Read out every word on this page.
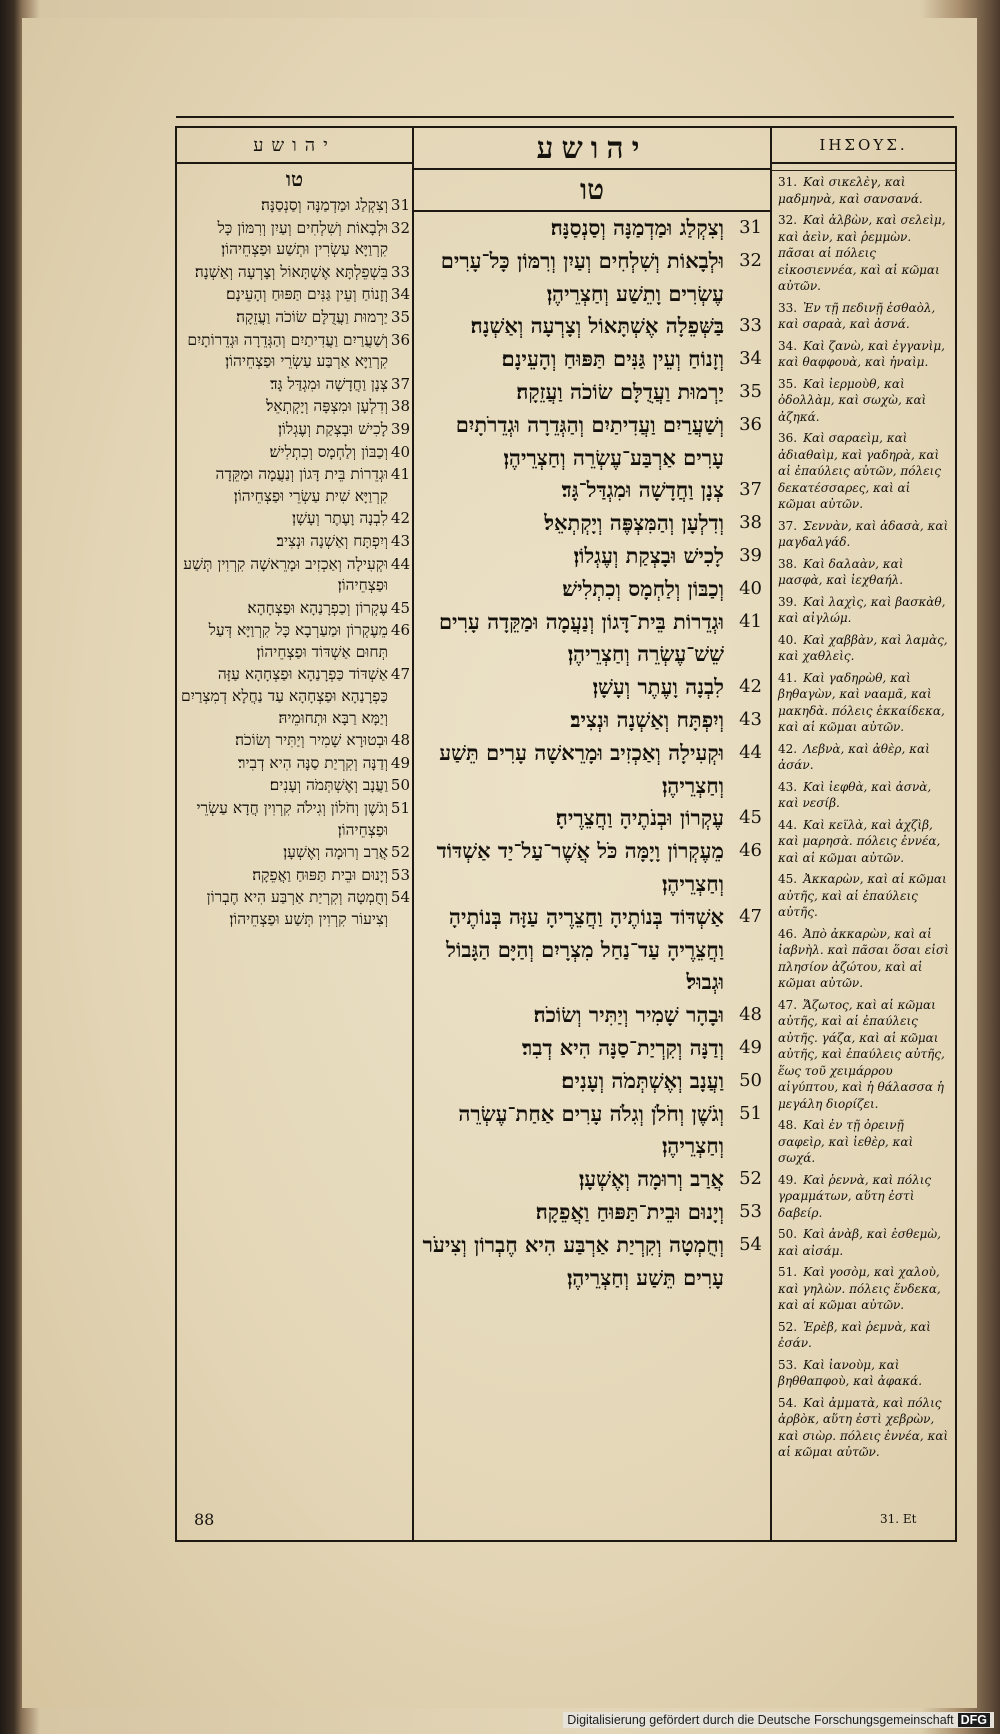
יהושע
טו
31
וְצִקְלַג וּמַדְמַנָּה וְסַנְסַנָּה׃
32
וּלְבָאוֹת וְשִׁלְחִים וְעַיִן וְרִמּוֹן כָּל קִרְוַיָּא עַשְׂרִין וּתְשַׁע וּפַצְחֵיהוֹן׃
33
בִּשְׁפֵלְתָּא אֶשְׁתָּאוֹל וְצָרְעָה וְאַשְׁנָה׃
34
וְזָנוֹחַ וְעֵין גַּנִּים תַּפּוּחַ וְהָעֵינָם׃
35
יַרְמוּת וַעֲדֻלָּם שׂוֹכֹה וַעֲזֵקָה׃
36
וְשַׁעֲרַיִם וַעֲדִיתַיִם וְהַגְּדֵרָה וּגְדֵרוֹתָיִם קִרְוַיָּא אַרְבַּע עַשְׂרֵי וּפַצְחֵיהוֹן׃
37
צְנָן וַחֲדָשָׁה וּמִגְדַּל גָּד׃
38
וְדִלְעָן וּמִצְפָּה וְיָקְתְאֵל׃
39
לָכִישׁ וּבָצְקַת וְעֶגְלוֹן׃
40
וְכַבּוֹן וְלַחְמָס וְכִתְלִישׁ׃
41
וּגְדֵרוֹת בֵּית דָּגוֹן וְנַעֲמָה וּמַקֵּדָה קִרְוַיָּא שִׁית עַשְׂרֵי וּפַצְחֵיהוֹן׃
42
לִבְנָה וָעֶתֶר וְעָשָׁן׃
43
וְיִפְתָּח וְאַשְׁנָה וּנְצִיב׃
44
וּקְעִילָה וְאַכְזִיב וּמָרֵאשָׁה קִרְוִין תְּשַׁע וּפַצְחֵיהוֹן׃
45
עֶקְרוֹן וְכַפְרָנַהָא וּפַצְחָהָא׃
46
מֵעֶקְרוֹן וּמַעַרְבָא כָּל קִרְוַיָּא דְּעַל תְּחוּם אַשְׁדּוֹד וּפַצְחֵיהוֹן׃
47
אַשְׁדּוֹד כַּפְרָנַהָא וּפַצְחָהָא עַזָּה כַּפְרָנַהָא וּפַצְחָהָא עַד נַחֲלָא דְמִצְרַיִם וְיַמָּא רַבָּא וּתְחוּמֵיהּ׃
48
וּבְטוּרָא שָׁמִיר וְיַתִּיר וְשׂוֹכֹה׃
49
וְדַנָּה וְקִרְיַת סַנָּה הִיא דְבִיר׃
50
וַעֲנָב וְאֶשְׁתְּמֹה וְעָנִים׃
51
וְגֹשֶׁן וְחֹלוֹן וְגִילֹה קִרְוִין חֲדָא עַשְׂרֵי וּפַצְחֵיהוֹן׃
52
אֲרַב וְרוּמָה וְאֶשְׁעָן׃
53
וְיָנוּם וּבֵית תַּפּוּחַ וַאֲפֵקָה׃
54
וְחֻמְטָה וְקִרְיַת אַרְבַּע הִיא חֶבְרוֹן וְצִיעוֹר קִרְוִין תְּשַׁע וּפַצְחֵיהוֹן׃
יהושע
טו
31
וְצִקְלַג וּמַדְמַנָּה וְסַנְסַנָּה׃
32
וּלְבָאוֹת וְשִׁלְחִים וְעַיִן וְרִמּוֹן כָּל־עָרִים עֶשְׂרִים וָתֵשַׁע וְחַצְרֵיהֶן׃
33
בַּשְּׁפֵלָה אֶשְׁתָּאוֹל וְצָרְעָה וְאַשְׁנָה׃
34
וְזָנוֹחַ וְעֵין גַּנִּים תַּפּוּחַ וְהָעֵינָם׃
35
יַרְמוּת וַעֲדֻלָּם שׂוֹכֹה וַעֲזֵקָה׃
36
וְשַׁעֲרַיִם וַעֲדִיתַיִם וְהַגְּדֵרָה וּגְדֵרֹתָיִם עָרִים אַרְבַּע־עֶשְׂרֵה וְחַצְרֵיהֶן׃
37
צְנָן וַחֲדָשָׁה וּמִגְדַּל־גָּד׃
38
וְדִלְעָן וְהַמִּצְפֶּה וְיָקְתְאֵל׃
39
לָכִישׁ וּבָצְקַת וְעֶגְלוֹן׃
40
וְכַבּוֹן וְלַחְמָס וְכִתְלִישׁ׃
41
וּגְדֵרוֹת בֵּית־דָּגוֹן וְנַעֲמָה וּמַקֵּדָה עָרִים שֵׁשׁ־עֶשְׂרֵה וְחַצְרֵיהֶן׃
42
לִבְנָה וָעֶתֶר וְעָשָׁן׃
43
וְיִפְתָּח וְאַשְׁנָה וּנְצִיב׃
44
וּקְעִילָה וְאַכְזִיב וּמָרֵאשָׁה עָרִים תֵּשַׁע וְחַצְרֵיהֶן׃
45
עֶקְרוֹן וּבְנֹתֶיהָ וַחֲצֵרֶיהָ׃
46
מֵעֶקְרוֹן וָיָמָּה כֹּל אֲשֶׁר־עַל־יַד אַשְׁדּוֹד וְחַצְרֵיהֶן׃
47
אַשְׁדּוֹד בְּנוֹתֶיהָ וַחֲצֵרֶיהָ עַזָּה בְּנוֹתֶיהָ וַחֲצֵרֶיהָ עַד־נַחַל מִצְרָיִם וְהַיָּם הַגָּבוֹל וּגְבוּל׃
48
וּבָהָר שָׁמִיר וְיַתִּיר וְשׂוֹכֹה׃
49
וְדַנָּה וְקִרְיַת־סַנָּה הִיא דְבִר׃
50
וַעֲנָב וְאֶשְׁתְּמֹה וְעָנִים׃
51
וְגֹשֶׁן וְחֹלֹן וְגִלֹה עָרִים אַחַת־עֶשְׂרֵה וְחַצְרֵיהֶן׃
52
אֲרַב וְרוּמָה וְאֶשְׁעָן׃
53
וְיָנוּם וּבֵית־תַּפּוּחַ וַאֲפֵקָה׃
54
וְחֻמְטָה וְקִרְיַת אַרְבַּע הִיא חֶבְרוֹן וְצִיעֹר עָרִים תֵּשַׁע וְחַצְרֵיהֶן׃
ΙΗΣΟΥΣ.
31. Καὶ σικελὲγ, καὶ μαδμηνὰ, καὶ σανσανά.
32. Καὶ ἀλβὼν, καὶ σελεὶμ, καὶ ἀεὶν, καὶ ῥεμμὼν. πᾶσαι αἱ πόλεις εἰκοσιεννέα, καὶ αἱ κῶμαι αὐτῶν.
33. Ἐν τῇ πεδινῇ ἐσθαὸλ, καὶ σαραὰ, καὶ ἀσνά.
34. Καὶ ζανὼ, καὶ ἐγγανὶμ, καὶ θαφφουὰ, καὶ ἠναὶμ.
35. Καὶ ἰερμοὺθ, καὶ ὀδολλὰμ, καὶ σωχὼ, καὶ ἀζηκά.
36. Καὶ σαραεὶμ, καὶ ἀδιαθαὶμ, καὶ γαδηρὰ, καὶ αἱ ἐπαύλεις αὐτῶν, πόλεις δεκατέσσαρες, καὶ αἱ κῶμαι αὐτῶν.
37. Σεννὰν, καὶ ἀδασὰ, καὶ μαγδαλγάδ.
38. Καὶ δαλαὰν, καὶ μασφὰ, καὶ ἰεχθαήλ.
39. Καὶ λαχὶς, καὶ βασκὰθ, καὶ αἰγλώμ.
40. Καὶ χαββὰν, καὶ λαμὰς, καὶ χαθλεὶς.
41. Καὶ γαδηρὼθ, καὶ βηθαγὼν, καὶ νααμᾶ, καὶ μακηδὰ. πόλεις ἑκκαίδεκα, καὶ αἱ κῶμαι αὐτῶν.
42. Λεβνὰ, καὶ ἀθὲρ, καὶ ἀσάν.
43. Καὶ ἰεφθὰ, καὶ ἀσνὰ, καὶ νεσίβ.
44. Καὶ κεϊλὰ, καὶ ἀχζὶβ, καὶ μαρησὰ. πόλεις ἐννέα, καὶ αἱ κῶμαι αὐτῶν.
45. Ἀκκαρὼν, καὶ αἱ κῶμαι αὐτῆς, καὶ αἱ ἐπαύλεις αὐτῆς.
46. Ἀπὸ ἀκκαρὼν, καὶ αἱ ἰαβνὴλ. καὶ πᾶσαι ὅσαι εἰσὶ πλησίον ἀζώτου, καὶ αἱ κῶμαι αὐτῶν.
47. Ἄζωτος, καὶ αἱ κῶμαι αὐτῆς, καὶ αἱ ἐπαύλεις αὐτῆς. γάζα, καὶ αἱ κῶμαι αὐτῆς, καὶ ἐπαύλεις αὐτῆς, ἕως τοῦ χειμάρρου αἰγύπτου, καὶ ἡ θάλασσα ἡ μεγάλη διορίζει.
48. Καὶ ἐν τῇ ὀρεινῇ σαφεὶρ, καὶ ἰεθὲρ, καὶ σωχά.
49. Καὶ ῥεννὰ, καὶ πόλις γραμμάτων, αὕτη ἐστὶ δαβείρ.
50. Καὶ ἀνὰβ, καὶ ἐσθεμὼ, καὶ αἰσάμ.
51. Καὶ γοσὸμ, καὶ χαλοὺ, καὶ γηλὼν. πόλεις ἕνδεκα, καὶ αἱ κῶμαι αὐτῶν.
52. Ἐρὲβ, καὶ ῥεμνὰ, καὶ ἐσάν.
53. Καὶ ἰανοὺμ, καὶ βηθθαπφοὺ, καὶ ἀφακά.
54. Καὶ ἀμματὰ, καὶ πόλις ἀρβὸκ, αὕτη ἐστὶ χεβρὼν, καὶ σιὼρ. πόλεις ἐννέα, καὶ αἱ κῶμαι αὐτῶν.
88	31. Et
Digitalisierung gefördert durch die Deutsche Forschungsgemeinschaft DFG
